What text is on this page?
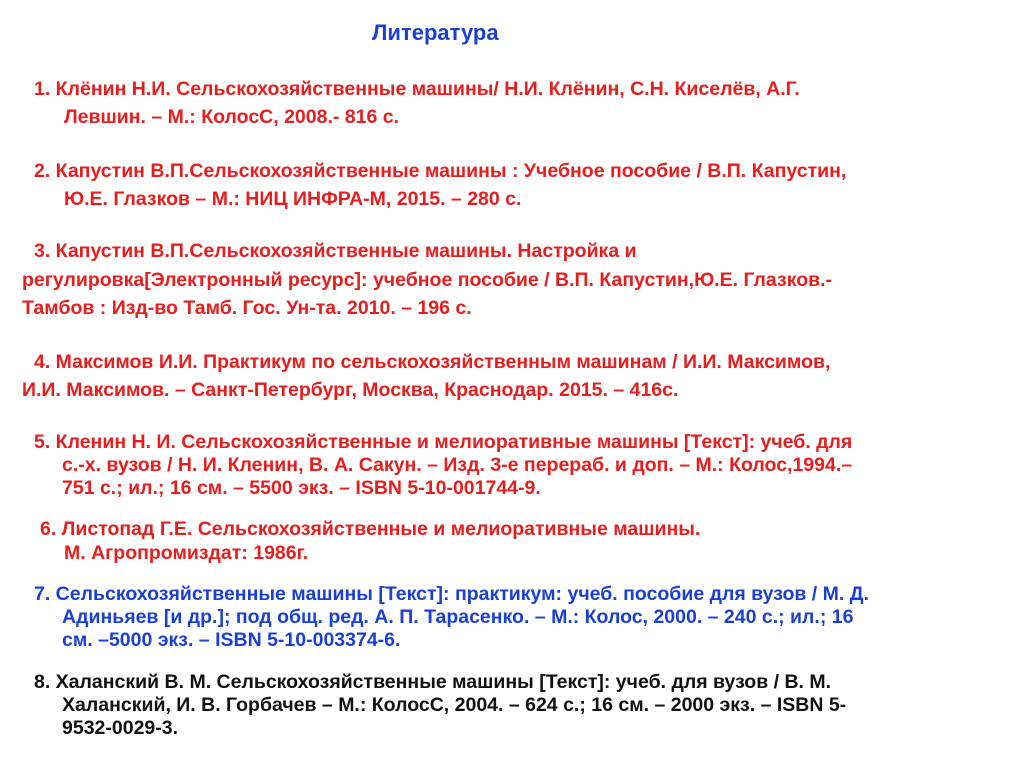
Литература
1. Клёнин Н.И. Сельскохозяйственные машины/ Н.И. Клёнин, С.Н. Киселёв, А.Г.
Левшин. – М.: КолосС, 2008.- 816 с.
2. Капустин В.П.Сельскохозяйственные машины : Учебное пособие / В.П. Капустин,
Ю.Е. Глазков – М.: НИЦ ИНФРА-М, 2015. – 280 с.
3. Капустин В.П.Сельскохозяйственные машины. Настройка и
регулировка[Электронный ресурс]: учебное пособие / В.П. Капустин,Ю.Е. Глазков.-
Тамбов : Изд-во Тамб. Гос. Ун-та. 2010. – 196 с.
4. Максимов И.И. Практикум по сельскохозяйственным машинам / И.И. Максимов,
И.И. Максимов. – Санкт-Петербург, Москва, Краснодар. 2015. – 416с.
5. Кленин Н. И. Сельскохозяйственные и мелиоративные машины [Текст]: учеб. для
с.-х. вузов / Н. И. Кленин, В. А. Сакун. – Изд. 3-е перераб. и доп. – М.: Колос,1994.–
751 с.; ил.; 16 см. – 5500 экз. – ISBN 5-10-001744-9.
6. Листопад Г.Е. Сельскохозяйственные и мелиоративные машины.
М. Агропромиздат: 1986г.
7. Сельскохозяйственные машины [Текст]: практикум: учеб. пособие для вузов / М. Д.
Адиньяев [и др.]; под общ. ред. А. П. Тарасенко. – М.: Колос, 2000. – 240 с.; ил.; 16
см. –5000 экз. – ISBN 5-10-003374-6.
8. Халанский В. М. Сельскохозяйственные машины [Текст]: учеб. для вузов / В. М.
Халанский, И. В. Горбачев – М.: КолосС, 2004. – 624 с.; 16 см. – 2000 экз. – ISBN 5-
9532-0029-3.
